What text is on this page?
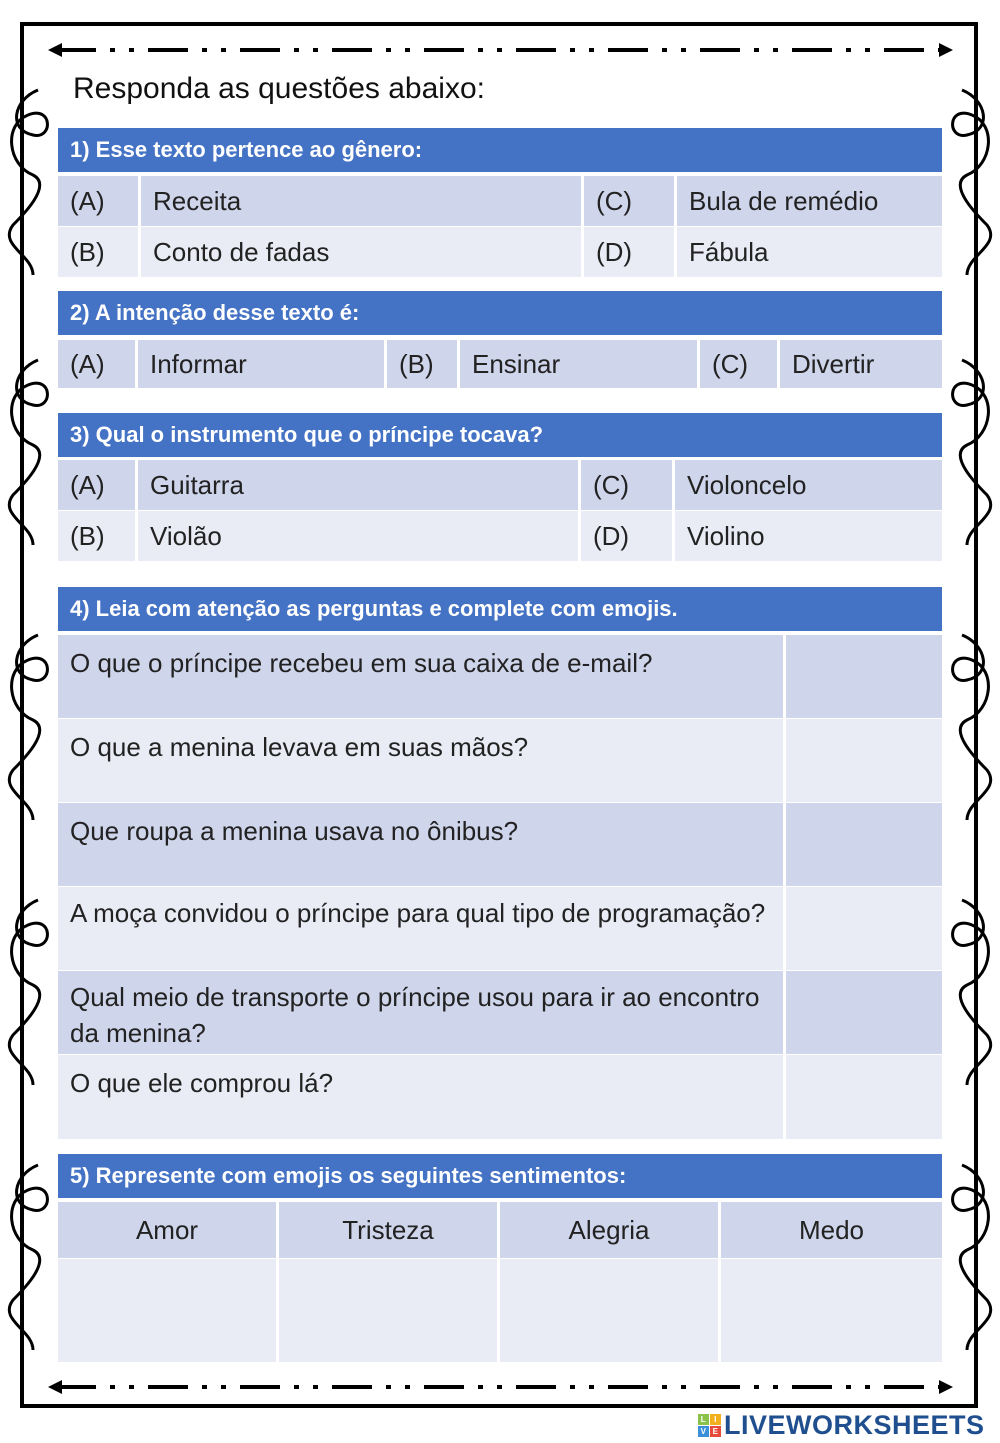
Responda as questões abaixo:
1) Esse texto pertence ao gênero:
(A)	Receita	(C)	Bula de remédio
(B)	Conto de fadas	(D)	Fábula
2) A intenção desse texto é:
(A)	Informar	(B)	Ensinar	(C)	Divertir
3) Qual o instrumento que o príncipe tocava?
(A)	Guitarra	(C)	Violoncelo
(B)	Violão	(D)	Violino
4) Leia com atenção as perguntas e complete com emojis.
O que o príncipe recebeu em sua caixa de e-mail?
O que a menina levava em suas mãos?
Que roupa a menina usava no ônibus?
A moça convidou o príncipe para qual tipo de programação?
Qual meio de transporte o príncipe usou para ir ao encontro da menina?
O que ele comprou lá?
5) Represente com emojis os seguintes sentimentos:
Amor	Tristeza	Alegria	Medo
L I
V E LIVEWORKSHEETS
